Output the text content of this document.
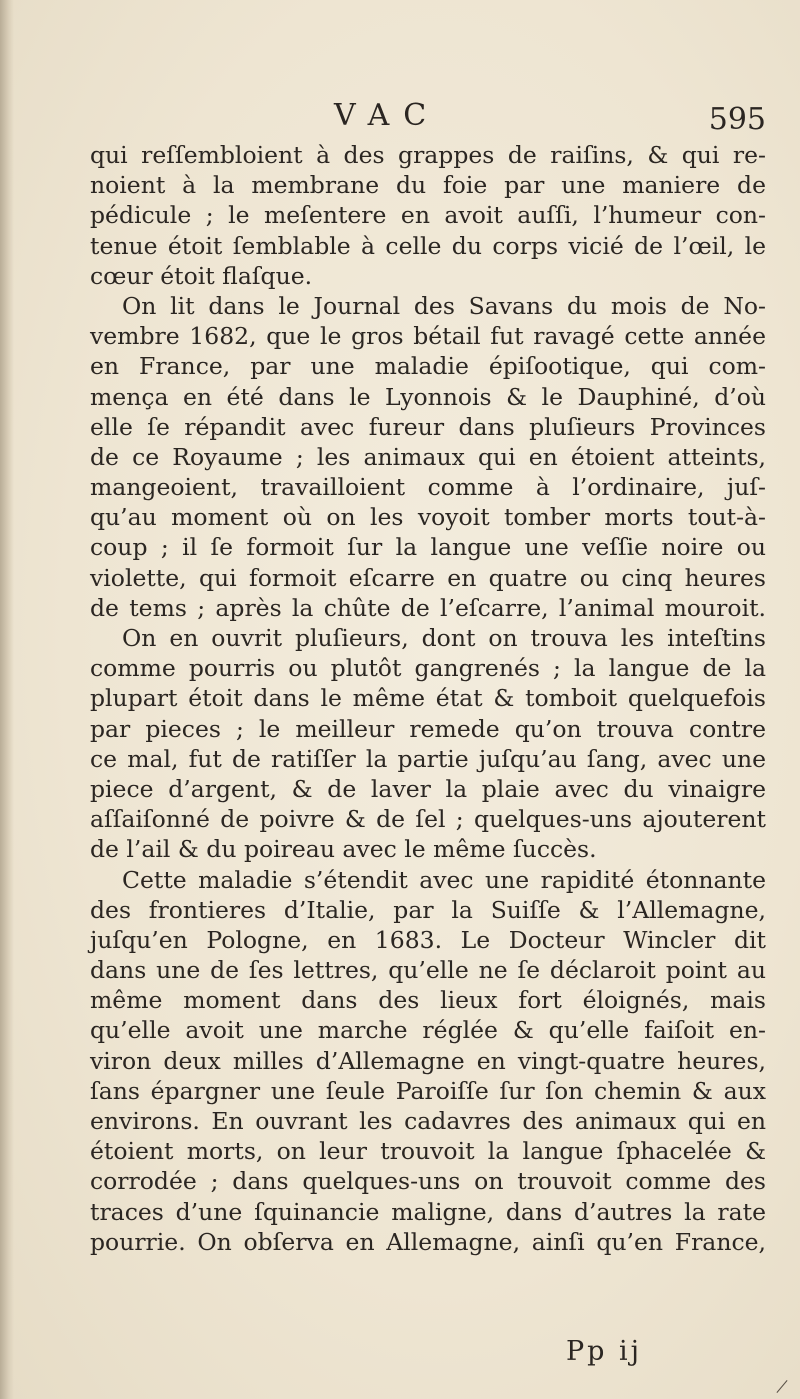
VAC	595
qui reſſembloient à des grappes de raiſins, & qui re-
noient à la membrane du foie par une maniere de
pédicule ; le meſentere en avoit auſſi, l’humeur con-
tenue étoit ſemblable à celle du corps vicié de l’œil, le
cœur étoit flaſque.
On lit dans le Journal des Savans du mois de No-
vembre 1682, que le gros bétail fut ravagé cette année
en France, par une maladie épiſootique, qui com-
mença en été dans le Lyonnois & le Dauphiné, d’où
elle ſe répandit avec fureur dans pluſieurs Provinces
de ce Royaume ; les animaux qui en étoient atteints,
mangeoient, travailloient comme à l’ordinaire, juſ-
qu’au moment où on les voyoit tomber morts tout-à-
coup ; il ſe formoit ſur la langue une veſſie noire ou
violette, qui formoit eſcarre en quatre ou cinq heures
de tems ; après la chûte de l’eſcarre, l’animal mouroit.
On en ouvrit pluſieurs, dont on trouva les inteſtins
comme pourris ou plutôt gangrenés ; la langue de la
plupart étoit dans le même état & tomboit quelquefois
par pieces ; le meilleur remede qu’on trouva contre
ce mal, fut de ratiſſer la partie juſqu’au ſang, avec une
piece d’argent, & de laver la plaie avec du vinaigre
aſſaiſonné de poivre & de ſel ; quelques-uns ajouterent
de l’ail & du poireau avec le même ſuccès.
Cette maladie s’étendit avec une rapidité étonnante
des frontieres d’Italie, par la Suiſſe & l’Allemagne,
juſqu’en Pologne, en 1683. Le Docteur Wincler dit
dans une de ſes lettres, qu’elle ne ſe déclaroit point au
même moment dans des lieux fort éloignés, mais
qu’elle avoit une marche réglée & qu’elle faiſoit en-
viron deux milles d’Allemagne en vingt-quatre heures,
ſans épargner une ſeule Paroiſſe ſur ſon chemin & aux
environs. En ouvrant les cadavres des animaux qui en
étoient morts, on leur trouvoit la langue ſphacelée &
corrodée ; dans quelques-uns on trouvoit comme des
traces d’une ſquinancie maligne, dans d’autres la rate
pourrie. On obſerva en Allemagne, ainſi qu’en France,
Pp ij
